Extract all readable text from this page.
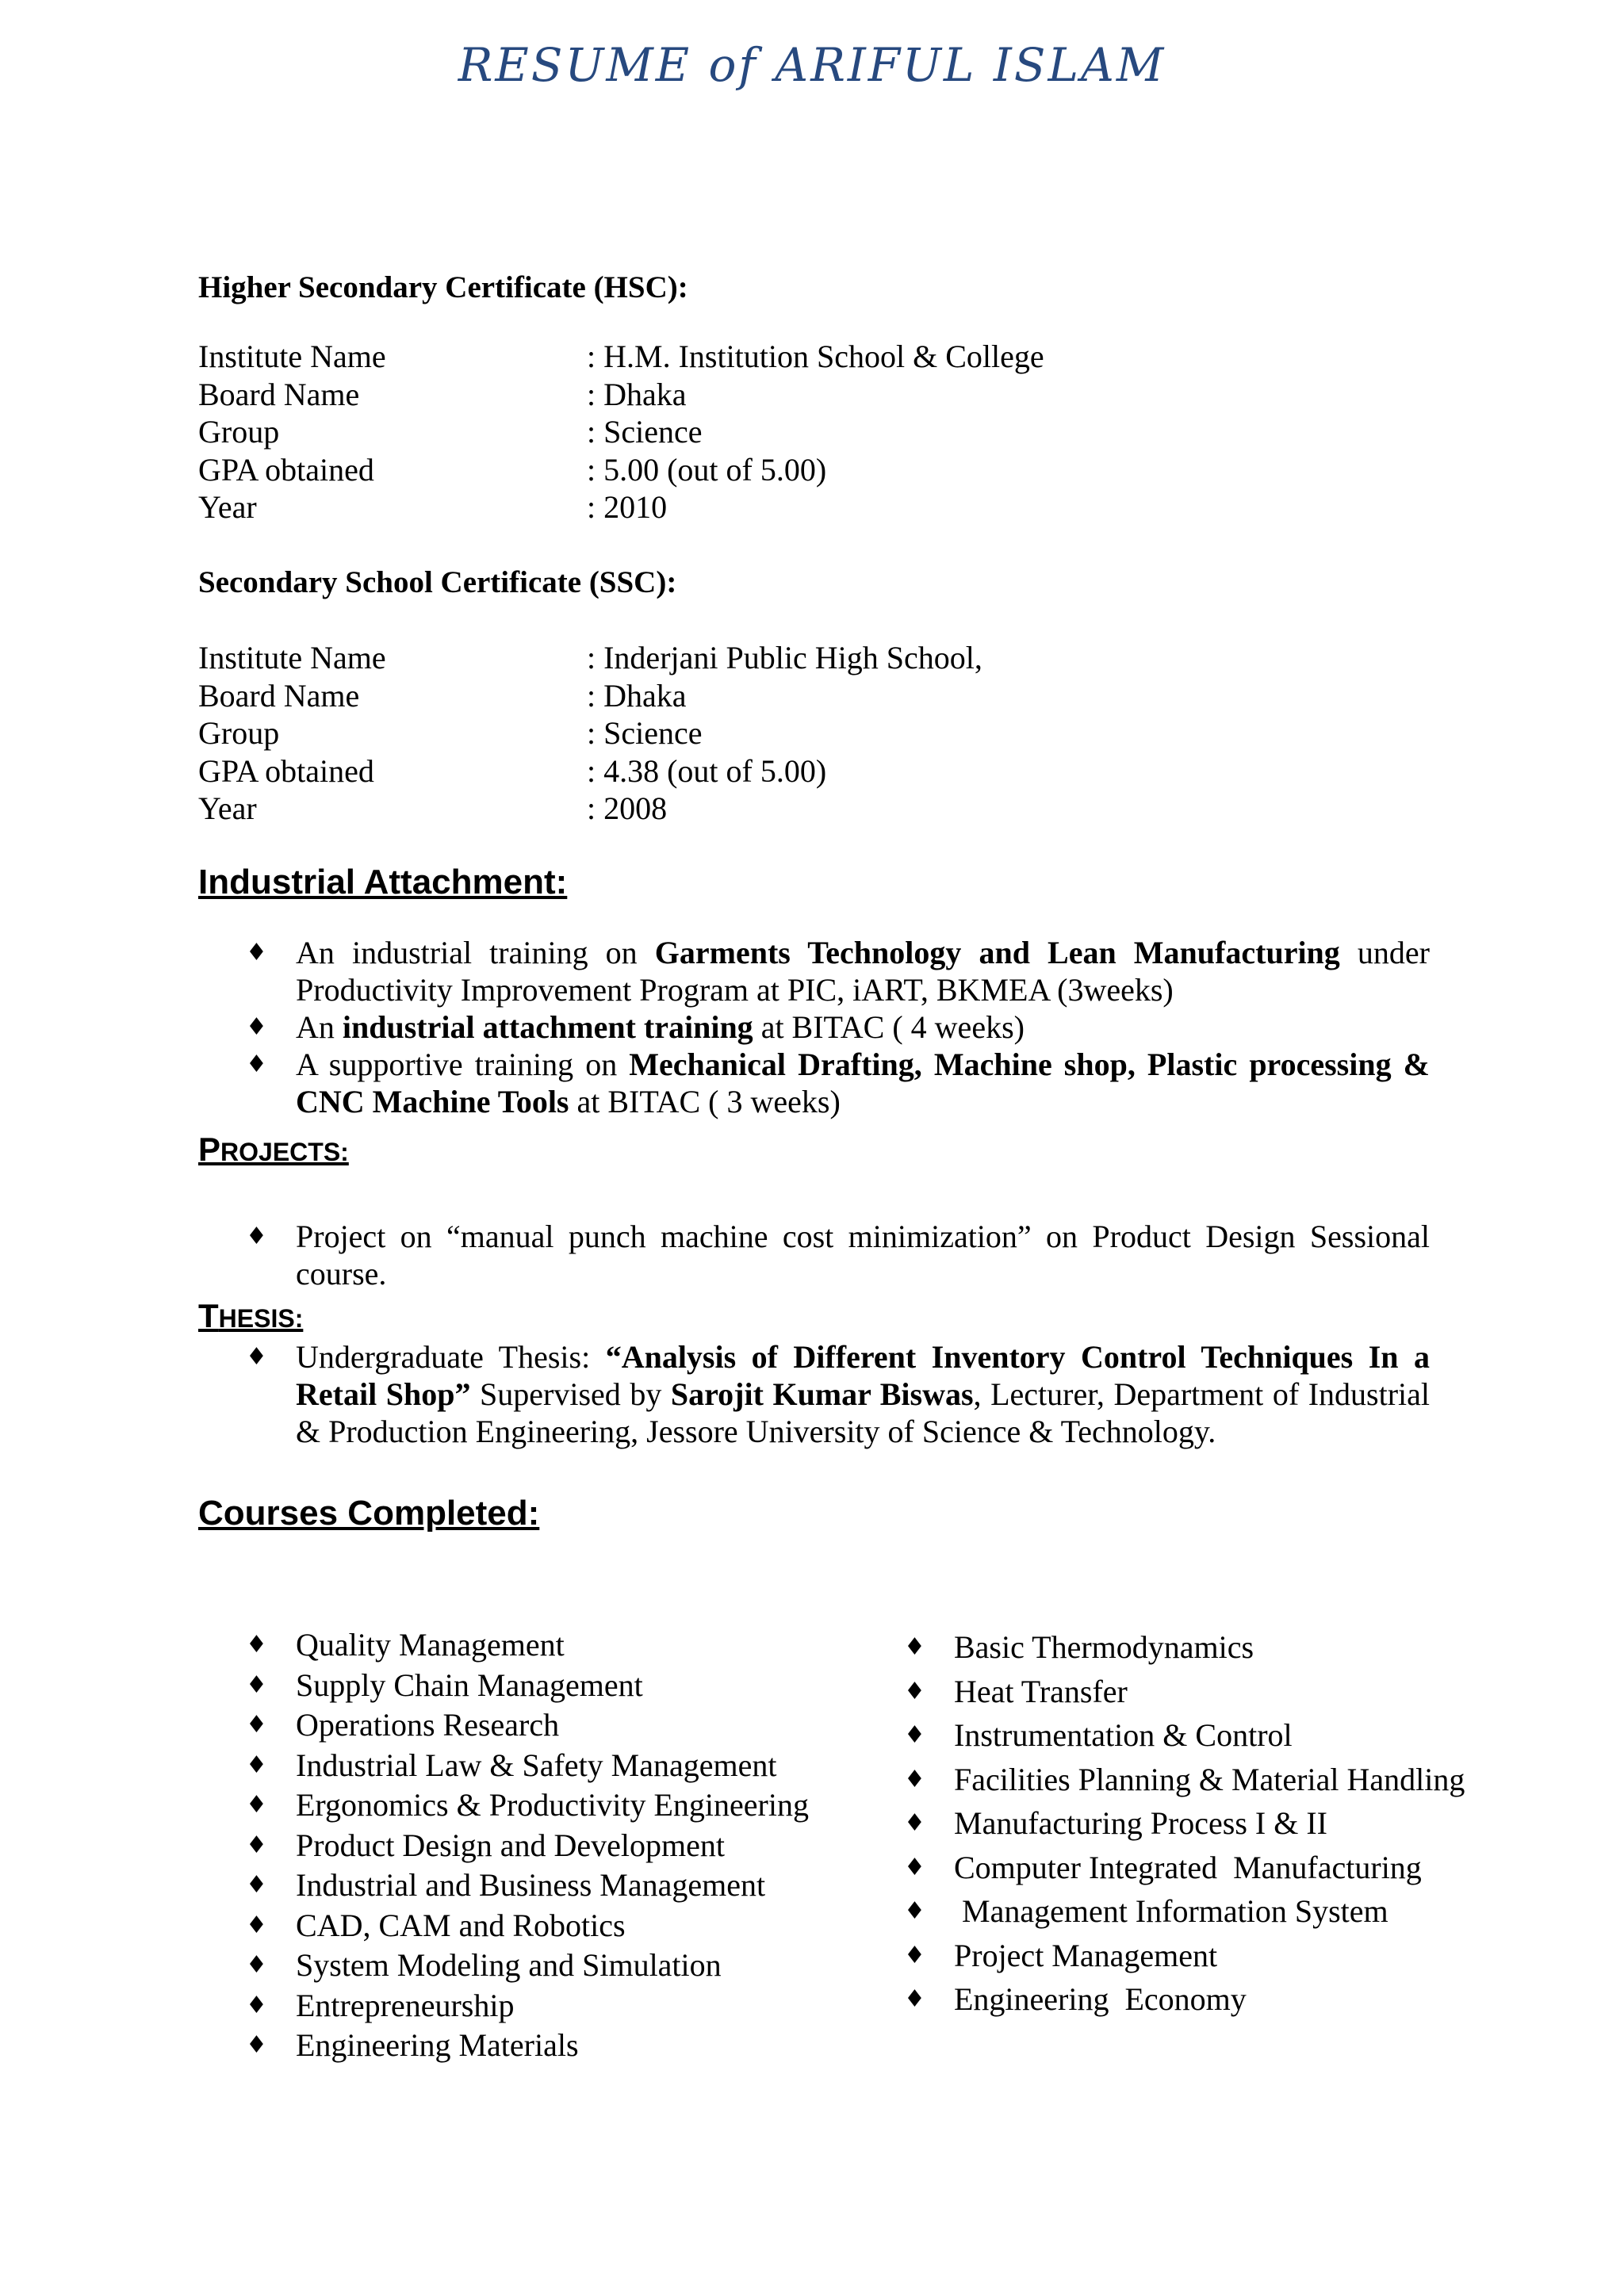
RESUME of ARIFUL ISLAM
Higher Secondary Certificate (HSC):
Institute Name	: H.M. Institution School & College
Board Name	: Dhaka
Group	: Science
GPA obtained	: 5.00 (out of 5.00)
Year	: 2010
Secondary School Certificate (SSC):
Institute Name	: Inderjani Public High School,
Board Name	: Dhaka
Group	: Science
GPA obtained	: 4.38 (out of 5.00)
Year	: 2008
Industrial Attachment:
♦ An industrial training on Garments Technology and Lean Manufacturing under Productivity Improvement Program at PIC, iART, BKMEA (3weeks)
♦ An industrial attachment training at BITAC ( 4 weeks)
♦ A supportive training on Mechanical Drafting, Machine shop, Plastic processing & CNC Machine Tools at BITAC ( 3 weeks)
PROJECTS:
♦ Project on “manual punch machine cost minimization” on Product Design Sessional course.
THESIS:
♦ Undergraduate Thesis: “Analysis of Different Inventory Control Techniques In a Retail Shop” Supervised by Sarojit Kumar Biswas, Lecturer, Department of Industrial & Production Engineering, Jessore University of Science & Technology.
Courses Completed:
♦ Quality Management
♦ Supply Chain Management
♦ Operations Research
♦ Industrial Law & Safety Management
♦ Ergonomics & Productivity Engineering
♦ Product Design and Development
♦ Industrial and Business Management
♦ CAD, CAM and Robotics
♦ System Modeling and Simulation
♦ Entrepreneurship
♦ Engineering Materials
♦ Basic Thermodynamics
♦ Heat Transfer
♦ Instrumentation & Control
♦ Facilities Planning & Material Handling
♦ Manufacturing Process I & II
♦ Computer Integrated  Manufacturing
♦ Management Information System
♦ Project Management
♦ Engineering  Economy
